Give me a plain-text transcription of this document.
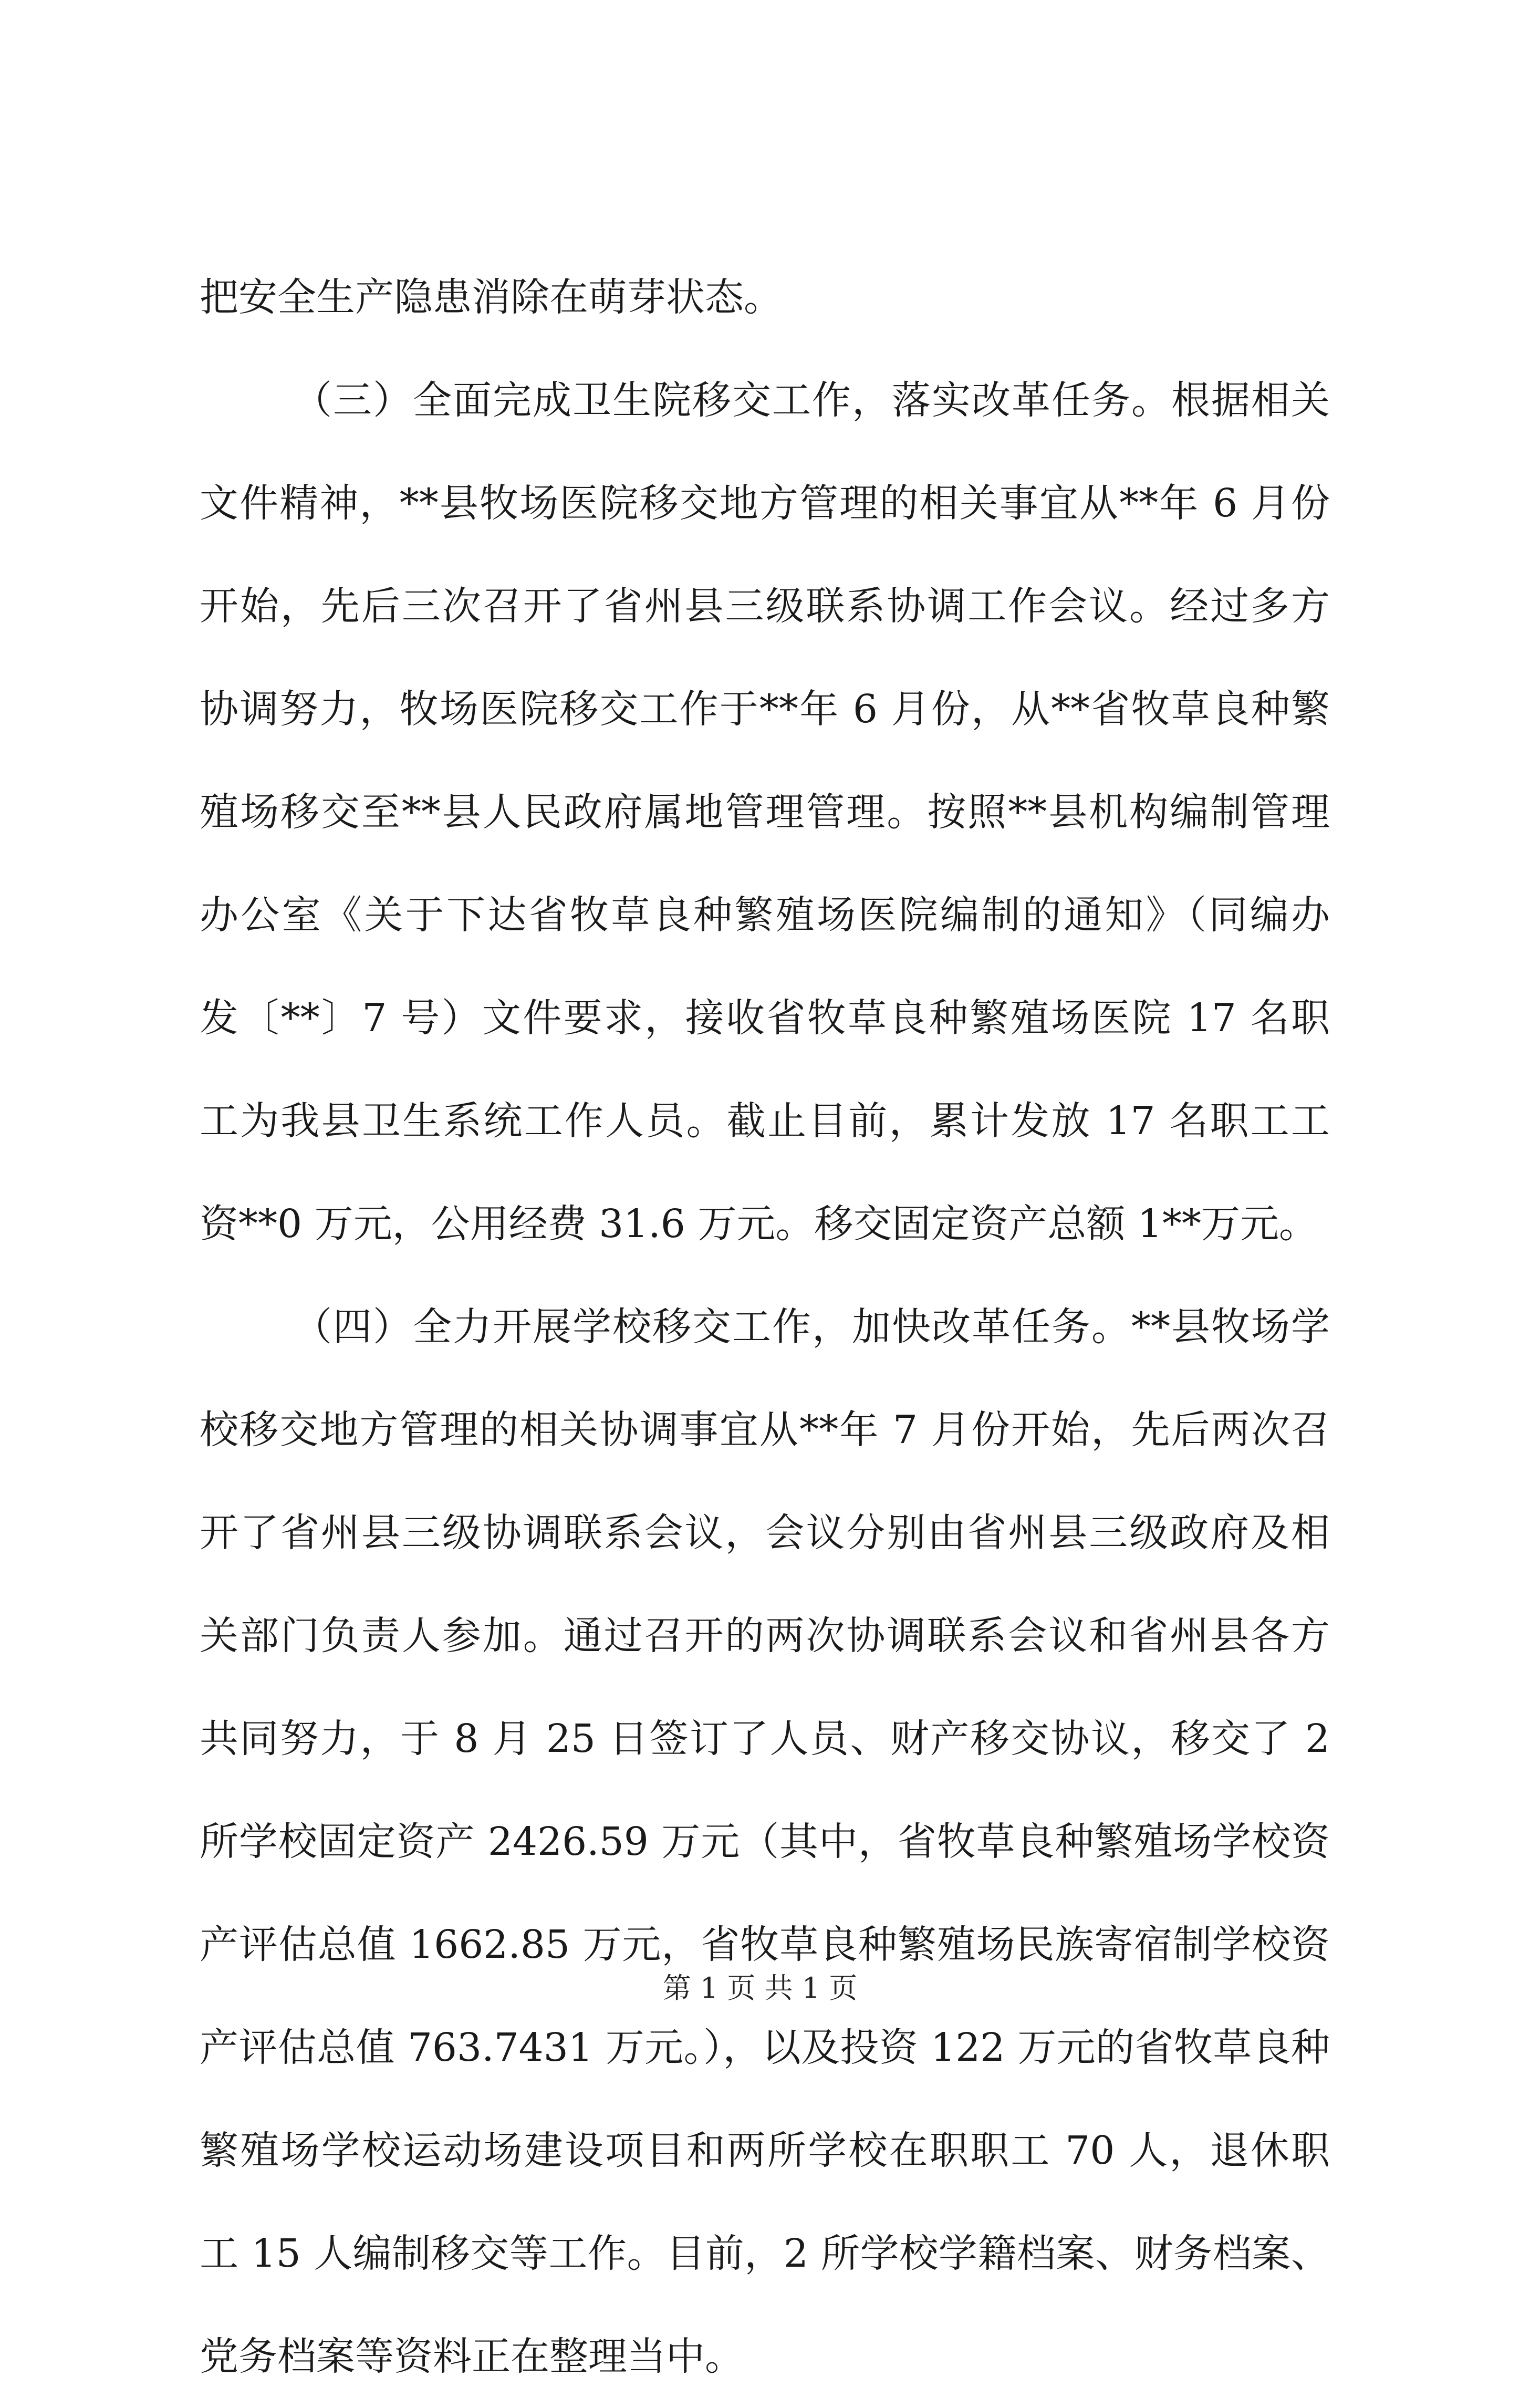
把安全生产隐患消除在萌芽状态。
（三）全面完成卫生院移交工作，落实改革任务。根据相关
文件精神，**县牧场医院移交地方管理的相关事宜从**年 6 月份
开始，先后三次召开了省州县三级联系协调工作会议。经过多方
协调努力，牧场医院移交工作于**年 6 月份，从**省牧草良种繁
殖场移交至**县人民政府属地管理管理。按照**县机构编制管理
办公室《关于下达省牧草良种繁殖场医院编制的通知》（同编办
发〔**〕7 号）文件要求，接收省牧草良种繁殖场医院 17 名职
工为我县卫生系统工作人员。截止目前，累计发放 17 名职工工
资**0 万元，公用经费 31.6 万元。移交固定资产总额 1**万元。
（四）全力开展学校移交工作，加快改革任务。**县牧场学
校移交地方管理的相关协调事宜从**年 7 月份开始，先后两次召
开了省州县三级协调联系会议，会议分别由省州县三级政府及相
关部门负责人参加。通过召开的两次协调联系会议和省州县各方
共同努力，于 8 月 25 日签订了人员、财产移交协议，移交了 2
所学校固定资产 2426.59 万元（其中，省牧草良种繁殖场学校资
产评估总值 1662.85 万元，省牧草良种繁殖场民族寄宿制学校资
产评估总值 763.7431 万元。），以及投资 122 万元的省牧草良种
繁殖场学校运动场建设项目和两所学校在职职工 70 人，退休职
工 15 人编制移交等工作。目前，2 所学校学籍档案、财务档案、
党务档案等资料正在整理当中。
第 1 页 共 1 页
